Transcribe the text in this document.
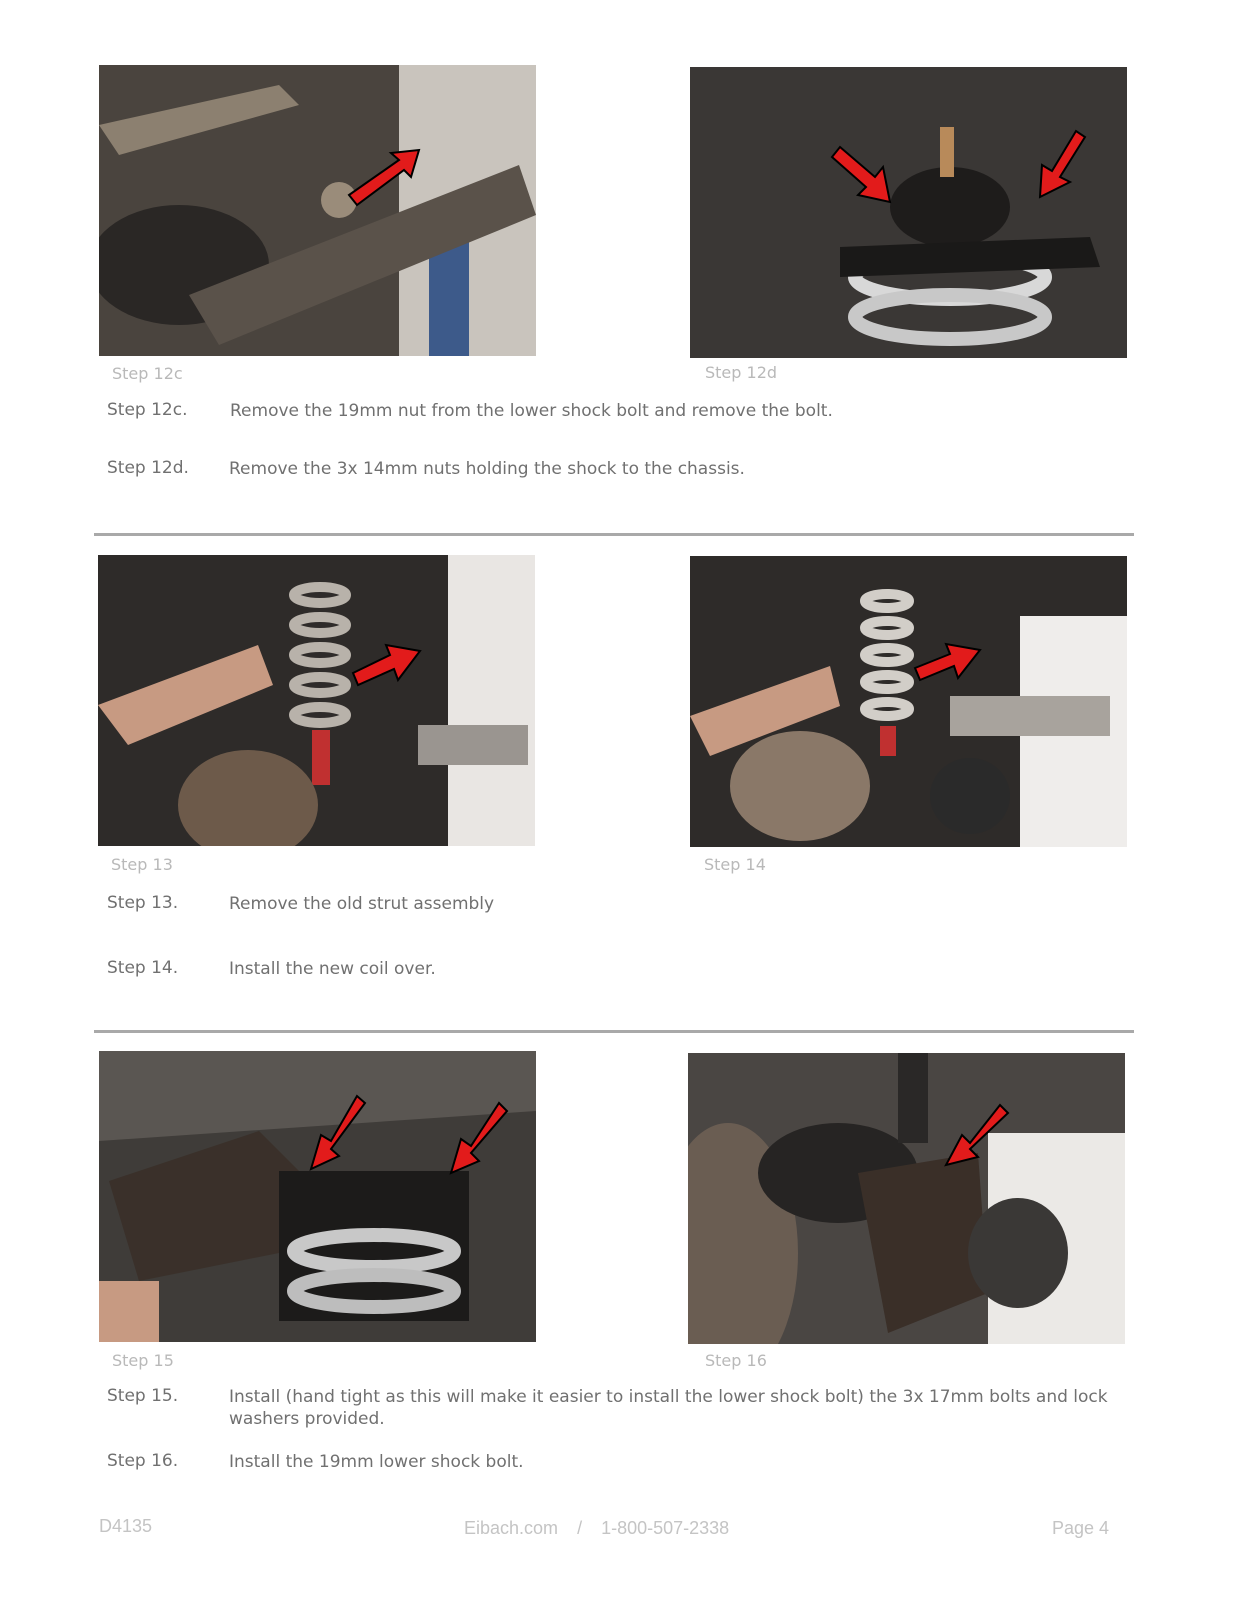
Step 12c	Step 12d
Step 12c.	Remove the 19mm nut from the lower shock bolt and remove the bolt.
Step 12d. Remove the 3x 14mm nuts holding the shock to the chassis.
Step 13	Step 14
Step 13.	Remove the old strut assembly
Step 14.	Install the new coil over.
Step 15	Step 16
Step 15.	Install (hand tight as this will make it easier to install the lower shock bolt) the 3x 17mm bolts and lock washers provided.
Step 16.	Install the 19mm lower shock bolt.
D4135	Eibach.com / 1-800-507-2338	Page 4
